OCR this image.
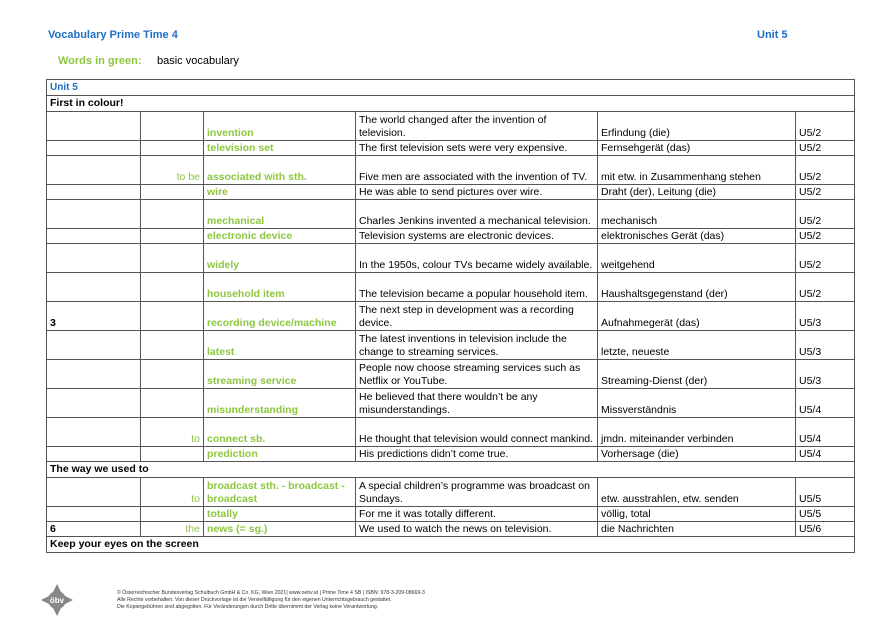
Vocabulary Prime Time 4	Unit 5
Words in green: basic vocabulary
Unit 5					
First in colour!					
		invention	The world changed after the invention of television.	Erfindung (die)	U5/2
		television set	The first television sets were very expensive.	Fernsehgerät (das)	U5/2
	to be	associated with sth.	Five men are associated with the invention of TV.	mit etw. in Zusammenhang stehen	U5/2
		wire	He was able to send pictures over wire.	Draht (der), Leitung (die)	U5/2
		mechanical	Charles Jenkins invented a mechanical television.	mechanisch	U5/2
		electronic device	Television systems are electronic devices.	elektronisches Gerät (das)	U5/2
		widely	In the 1950s, colour TVs became widely available.	weitgehend	U5/2
		household item	The television became a popular household item.	Haushaltsgegenstand (der)	U5/2
3		recording device/machine	The next step in development was a recording device.	Aufnahmegerät (das)	U5/3
		latest	The latest inventions in television include the change to streaming services.	letzte, neueste	U5/3
		streaming service	People now choose streaming services such as Netflix or YouTube.	Streaming-Dienst (der)	U5/3
		misunderstanding	He believed that there wouldn’t be any misunderstandings.	Missverständnis	U5/4
	to	connect sb.	He thought that television would connect mankind.	jmdn. miteinander verbinden	U5/4
		prediction	His predictions didn’t come true.	Vorhersage (die)	U5/4
The way we used to					
	to	broadcast sth. - broadcast - broadcast	A special children’s programme was broadcast on Sundays.	etw. ausstrahlen, etw. senden	U5/5
		totally	For me it was totally different.	völlig, total	U5/5
6	the	news (= sg.)	We used to watch the news on television.	die Nachrichten	U5/6
Keep your eyes on the screen					
öbv
© Österreichischer Bundesverlag Schulbuch GmbH & Co. KG, Wien 2021| www.oebv.at | Prime Time 4 SB | ISBN: 978-3-209-08669-3
Alle Rechte vorbehalten. Von dieser Druckvorlage ist die Vervielfältigung für den eigenen Unterrichtsgebrauch gestattet.
Die Kopiergebühren sind abgegolten. Für Veränderungen durch Dritte übernimmt der Verlag keine Verantwortung.
